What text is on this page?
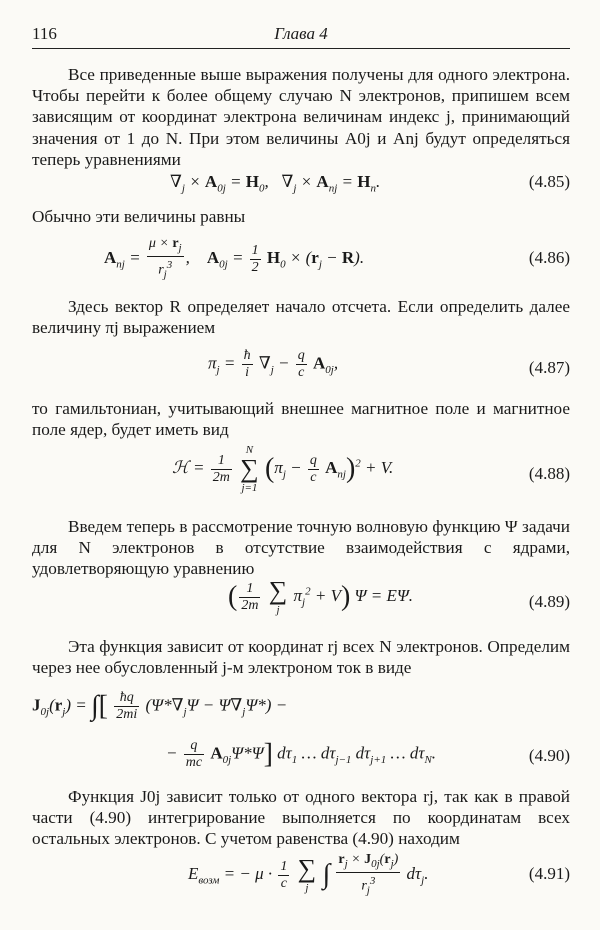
116	Глава 4

Все приведенные выше выражения получены для одного электрона. Чтобы перейти к более общему случаю N электронов, припишем всем зависящим от координат электрона величинам индекс j, принимающий значения от 1 до N. При этом величины A0j и Anj будут определяться теперь уравнениями

$\nabla_j \times A_{0j} = H_0$,   $\nabla_j \times A_{nj} = H_n$.	(4.85)

Обычно эти величины равны

$A_{nj} = \frac{\mu \times r_j}{r_j^3}$ ,    $A_{0j} = \frac{1}{2} H_0 \times (r_j - R)$.	(4.86)

Здесь вектор R определяет начало отсчета. Если определить далее величину πj выражением

$\pi_j = \frac{ħ}{i} \nabla_j - \frac{q}{c} A_{0j}$,	(4.87)

то гамильтониан, учитывающий внешнее магнитное поле и магнитное поле ядер, будет иметь вид

ℋ = $\frac{1}{2m}$

N
∑
j=1
$(\pi_j - \frac{q}{c} A_{nj})^2 + V$.	(4.88)

Введем теперь в рассмотрение точную волновую функцию Ψ задачи для N электронов в отсутствие взаимодействия с ядрами, удовлетворяющую уравнению

( $\frac{1}{2m}$
∑
j
$\pi_j^2 + V$) Ψ = EΨ.	(4.89)

Эта функция зависит от координат rj всех N электронов. Определим через нее обусловленный j-м электроном ток в виде

$J_{0j}(r_j)$ = ∫[ $\frac{ħq}{2mi} (\Psi*\nabla_j\Psi - \Psi\nabla_j\Psi*)$ −
− $\frac{q}{mc} A_{0j}\Psi*\Psi$] $d\tau_1$ … $d\tau_{j-1}$ $d\tau_{j+1}$ … $d\tau_N$.	(4.90)

Функция J0j зависит только от одного вектора rj, так как в правой части (4.90) интегрирование выполняется по координатам всех остальных электронов. С учетом равенства (4.90) находим

$E_{возм}$ = − $\mu \cdot \frac{1}{c}$
∑
j ∫ $\frac{r_j \times J_{0j}(r_j)}{r_j^3} d\tau_j$.	(4.91)
